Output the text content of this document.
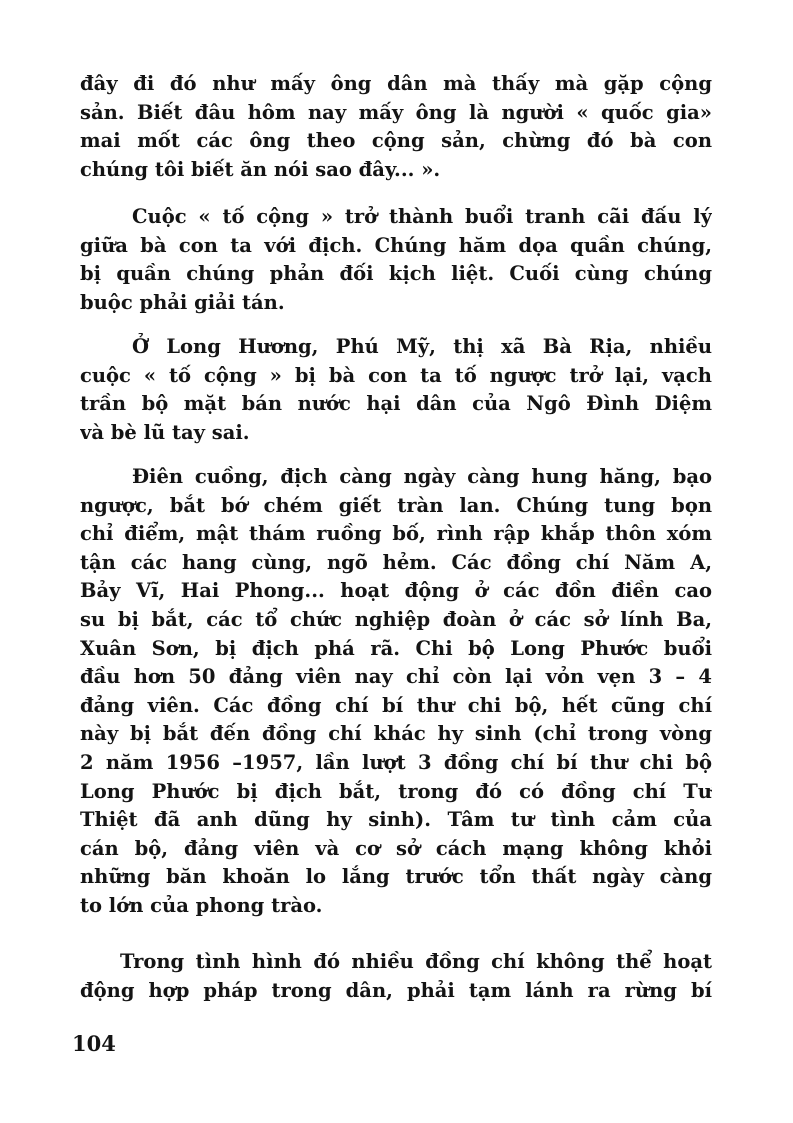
đây đi đó như mấy ông dân mà thấy mà gặp cộng
sản. Biết đâu hôm nay mấy ông là người « quốc gia»
mai mốt các ông theo cộng sản, chừng đó bà con
chúng tôi biết ăn nói sao đây... ».
Cuộc « tố cộng » trở thành buổi tranh cãi đấu lý
giữa bà con ta với địch. Chúng hăm dọa quần chúng,
bị quần chúng phản đối kịch liệt. Cuối cùng chúng
buộc phải giải tán.
Ở Long Hương, Phú Mỹ, thị xã Bà Rịa, nhiều
cuộc « tố cộng » bị bà con ta tố ngược trở lại, vạch
trần bộ mặt bán nước hại dân của Ngô Đình Diệm
và bè lũ tay sai.
Điên cuồng, địch càng ngày càng hung hăng, bạo
ngược, bắt bớ chém giết tràn lan. Chúng tung bọn
chỉ điểm, mật thám ruồng bố, rình rập khắp thôn xóm
tận các hang cùng, ngõ hẻm. Các đồng chí Năm A,
Bảy Vĩ, Hai Phong... hoạt động ở các đồn điền cao
su bị bắt, các tổ chức nghiệp đoàn ở các sở lính Ba,
Xuân Sơn, bị địch phá rã. Chi bộ Long Phước buổi
đầu hơn 50 đảng viên nay chỉ còn lại vỏn vẹn 3 – 4
đảng viên. Các đồng chí bí thư chi bộ, hết cũng chí
này bị bắt đến đồng chí khác hy sinh (chỉ trong vòng
2 năm 1956 –1957, lần lượt 3 đồng chí bí thư chi bộ
Long Phước bị địch bắt, trong đó có đồng chí Tư
Thiệt đã anh dũng hy sinh). Tâm tư tình cảm của
cán bộ, đảng viên và cơ sở cách mạng không khỏi
những băn khoăn lo lắng trước tổn thất ngày càng
to lớn của phong trào.
Trong tình hình đó nhiều đồng chí không thể hoạt
động hợp pháp trong dân, phải tạm lánh ra rừng bí
104
